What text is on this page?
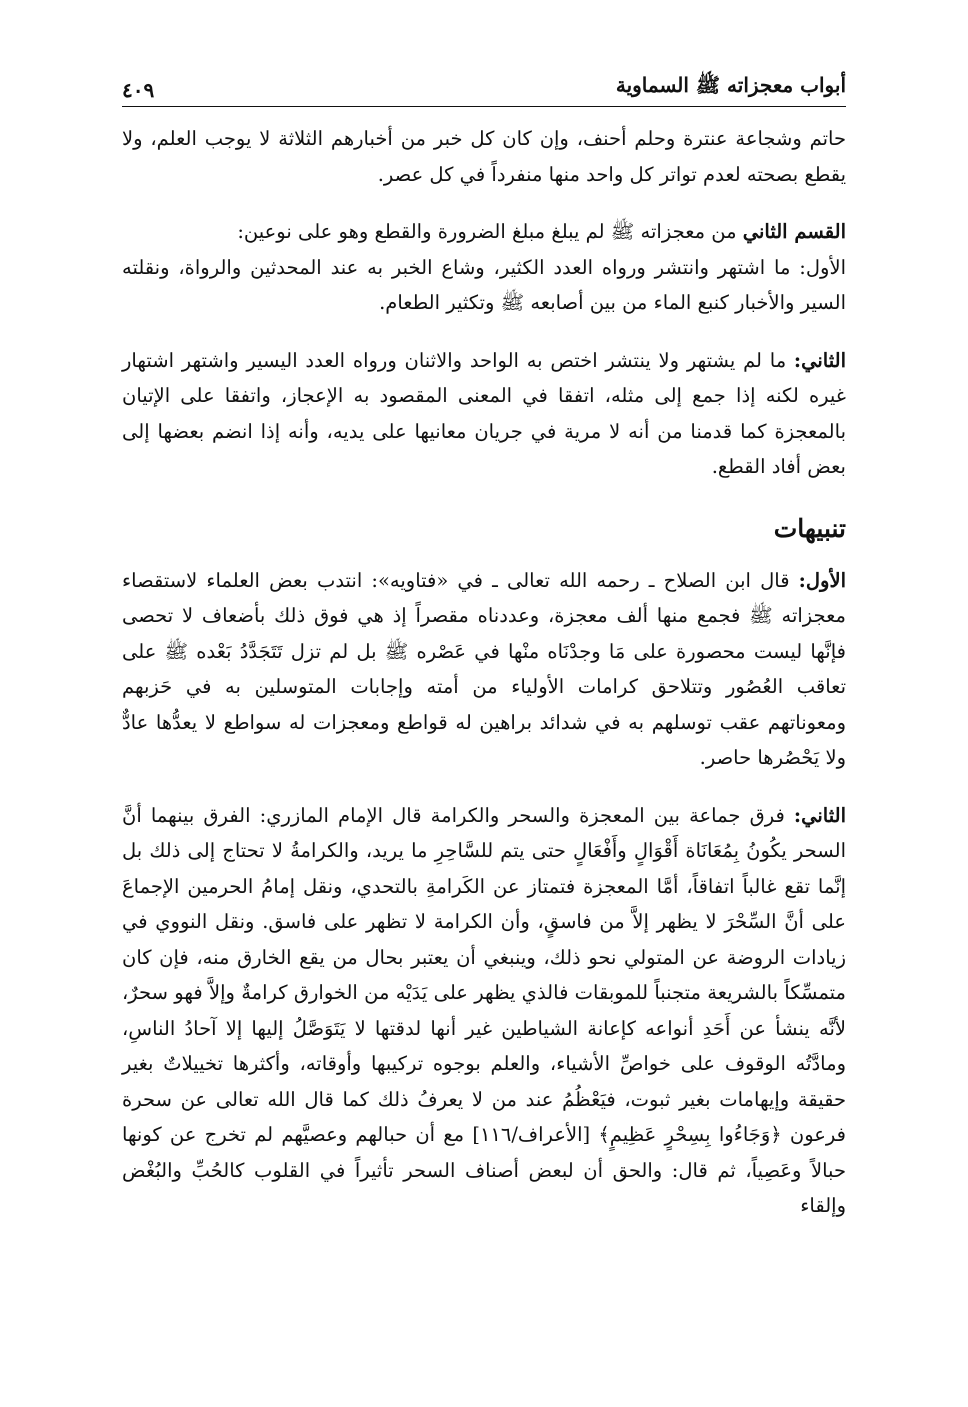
أبواب معجزاته ﷺ السماوية
٤٠٩

حاتم وشجاعة عنترة وحلم أحنف، وإن كان كل خبر من أخبارهم الثلاثة لا يوجب العلم، ولا يقطع بصحته لعدم تواتر كل واحد منها منفرداً في كل عصر.

القسم الثاني من معجزاته ﷺ لم يبلغ مبلغ الضرورة والقطع وهو على نوعين:

الأول: ما اشتهر وانتشر ورواه العدد الكثير، وشاع الخبر به عند المحدثين والرواة، ونقلته السير والأخبار كنبع الماء من بين أصابعه ﷺ وتكثير الطعام.

الثاني: ما لم يشتهر ولا ينتشر اختص به الواحد والاثنان ورواه العدد اليسير واشتهر اشتهار غيره لكنه إذا جمع إلى مثله، اتفقا في المعنى المقصود به الإعجاز، واتفقا على الإتيان بالمعجزة كما قدمنا من أنه لا مرية في جريان معانيها على يديه، وأنه إذا انضم بعضها إلى بعض أفاد القطع.

تنبيهات

الأول: قال ابن الصلاح ـ رحمه الله تعالى ـ في «فتاويه»: انتدب بعض العلماء لاستقصاء معجزاته ﷺ فجمع منها ألف معجزة، وعددناه مقصراً إذ هي فوق ذلك بأضعاف لا تحصى فإنَّها ليست محصورة على مَا وجدْنَاه منْها في عَصْره ﷺ بل لم تزل تَتَجَدَّدُ بَعْده ﷺ على تعاقب العُصُور وتتلاحق كرامات الأولياء من أمته وإجابات المتوسلين به في حَزبهم ومعوناتهم عقب توسلهم به في شدائد براهين له قواطع ومعجزات له سواطع لا يعدُّها عادٌّ ولا يَحْصُرها حاصر.

الثاني: فرق جماعة بين المعجزة والسحر والكرامة قال الإمام المازري: الفرق بينهما أنَّ السحر يكُونُ بِمُعَانَاة أَقْوَالٍ وأَفْعَالٍ حتى يتم للسَّاحِرِ ما يريد، والكرامةُ لا تحتاج إلى ذلك بل إنَّما تقع غالباً اتفاقاً، أمَّا المعجزة فتمتاز عن الكَرامةِ بالتحدي، ونقل إمامُ الحرمين الإجماعَ على أنَّ السِّحْرَ لا يظهر إلاَّ من فاسقٍ، وأن الكرامة لا تظهر على فاسق. ونقل النووي في زيادات الروضة عن المتولي نحو ذلك، وينبغي أن يعتبر بحال من يقع الخارق منه، فإن كان متمسِّكاً بالشريعة متجنباً للموبقات فالذي يظهر على يَدَيْه من الخوارق كرامةٌ وإلاَّ فهو سحرٌ، لأنَّه ينشأ عن أَحَدِ أنواعه كإعانة الشياطين غير أنها لدقتها لا يَتَوَصَّلُ إليها إلا آحادُ الناسِ، ومادَّتُه الوقوف على خواصِّ الأشياء، والعلم بوجوه تركيبها وأوقاته، وأكثرها تخييلاتٌ بغير حقيقة وإيهامات بغير ثبوت، فيَعْظُمُ عند من لا يعرفُ ذلك كما قال الله تعالى عن سحرة فرعون ﴿وَجَاءُوا بِسِحْرٍ عَظِيمٍ﴾ [الأعراف/١١٦] مع أن حبالهم وعصيَّهم لم تخرج عن كونها حبالاً وعَصِياً، ثم قال: والحق أن لبعض أصناف السحر تأثيراً في القلوب كالحُبِّ والبُغْض وإلقاء
